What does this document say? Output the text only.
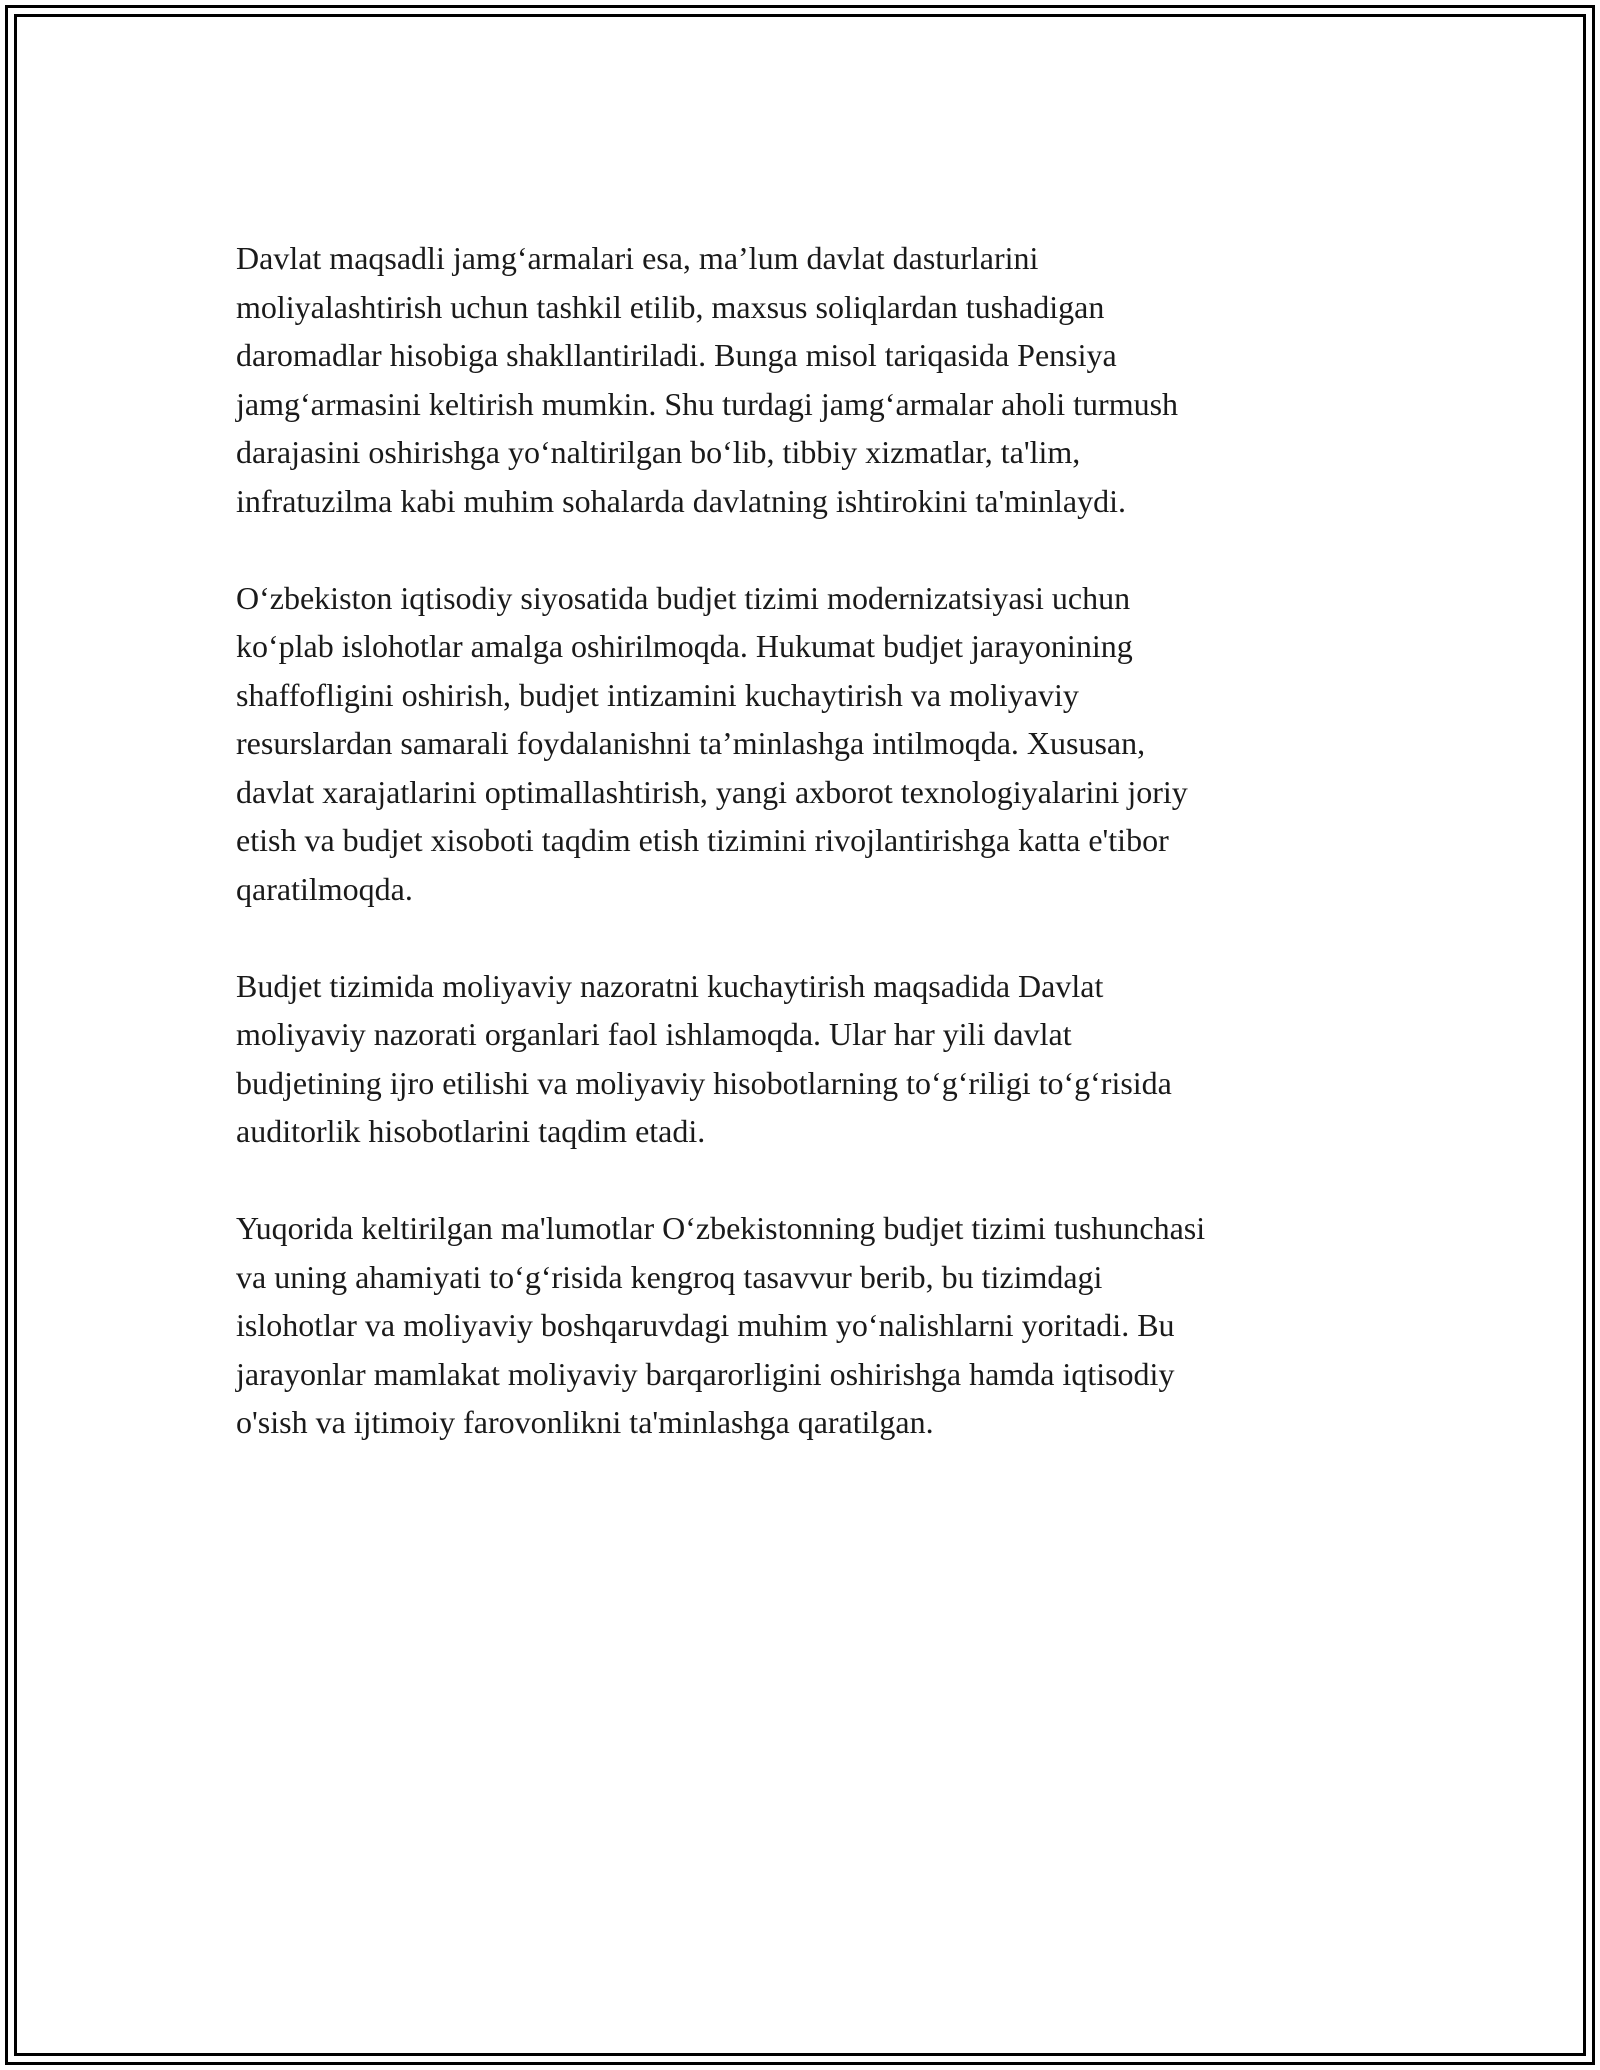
Davlat maqsadli jamg‘armalari esa, ma’lum davlat dasturlarini
moliyalashtirish uchun tashkil etilib, maxsus soliqlardan tushadigan
daromadlar hisobiga shakllantiriladi. Bunga misol tariqasida Pensiya
jamg‘armasini keltirish mumkin. Shu turdagi jamg‘armalar aholi turmush
darajasini oshirishga yo‘naltirilgan bo‘lib, tibbiy xizmatlar, ta'lim,
infratuzilma kabi muhim sohalarda davlatning ishtirokini ta'minlaydi.

O‘zbekiston iqtisodiy siyosatida budjet tizimi modernizatsiyasi uchun
ko‘plab islohotlar amalga oshirilmoqda. Hukumat budjet jarayonining
shaffofligini oshirish, budjet intizamini kuchaytirish va moliyaviy
resurslardan samarali foydalanishni ta’minlashga intilmoqda. Xususan,
davlat xarajatlarini optimallashtirish, yangi axborot texnologiyalarini joriy
etish va budjet xisoboti taqdim etish tizimini rivojlantirishga katta e'tibor
qaratilmoqda.

Budjet tizimida moliyaviy nazoratni kuchaytirish maqsadida Davlat
moliyaviy nazorati organlari faol ishlamoqda. Ular har yili davlat
budjetining ijro etilishi va moliyaviy hisobotlarning to‘g‘riligi to‘g‘risida
auditorlik hisobotlarini taqdim etadi.

Yuqorida keltirilgan ma'lumotlar O‘zbekistonning budjet tizimi tushunchasi
va uning ahamiyati to‘g‘risida kengroq tasavvur berib, bu tizimdagi
islohotlar va moliyaviy boshqaruvdagi muhim yo‘nalishlarni yoritadi. Bu
jarayonlar mamlakat moliyaviy barqarorligini oshirishga hamda iqtisodiy
o'sish va ijtimoiy farovonlikni ta'minlashga qaratilgan.
